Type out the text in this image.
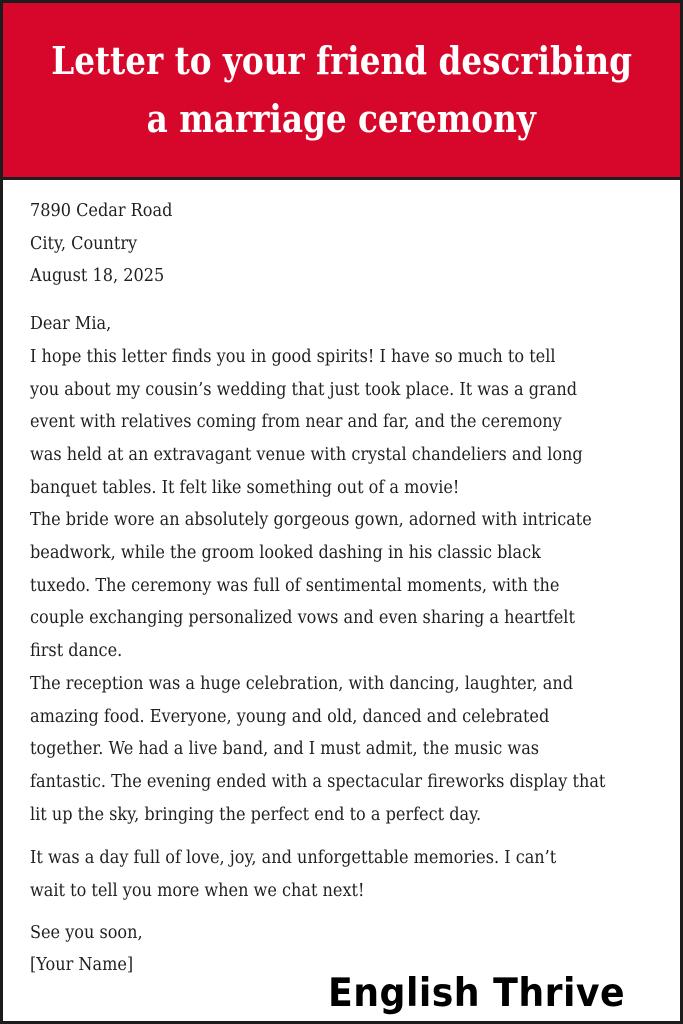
Letter to your friend describing
a marriage ceremony
7890 Cedar Road
City, Country
August 18, 2025
Dear Mia,
I hope this letter finds you in good spirits! I have so much to tell
you about my cousin’s wedding that just took place. It was a grand
event with relatives coming from near and far, and the ceremony
was held at an extravagant venue with crystal chandeliers and long
banquet tables. It felt like something out of a movie!
The bride wore an absolutely gorgeous gown, adorned with intricate
beadwork, while the groom looked dashing in his classic black
tuxedo. The ceremony was full of sentimental moments, with the
couple exchanging personalized vows and even sharing a heartfelt
first dance.
The reception was a huge celebration, with dancing, laughter, and
amazing food. Everyone, young and old, danced and celebrated
together. We had a live band, and I must admit, the music was
fantastic. The evening ended with a spectacular fireworks display that
lit up the sky, bringing the perfect end to a perfect day.
It was a day full of love, joy, and unforgettable memories. I can’t
wait to tell you more when we chat next!
See you soon,
[Your Name]
English Thrive
